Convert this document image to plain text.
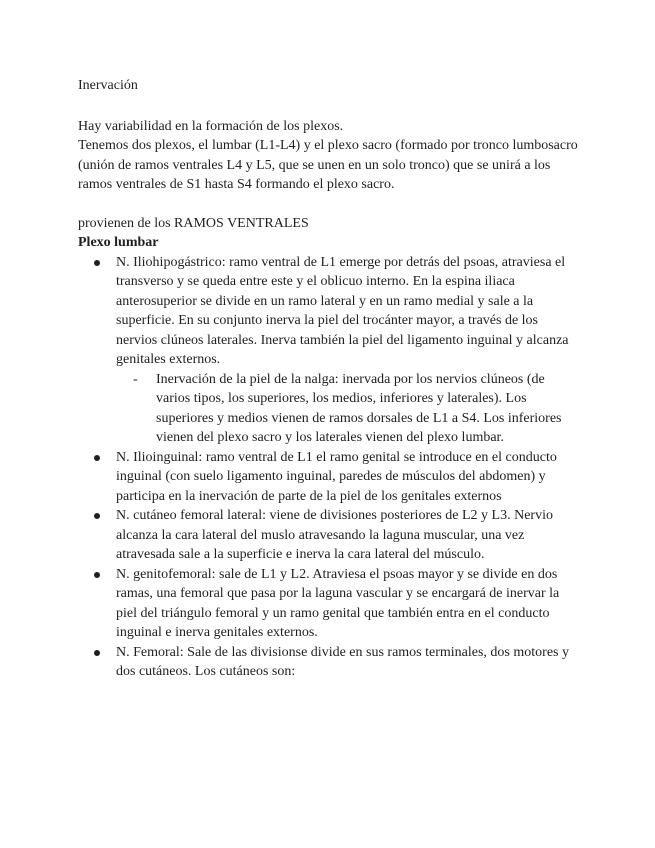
Inervación

Hay variabilidad en la formación de los plexos.

Tenemos dos plexos, el lumbar (L1-L4) y el plexo sacro (formado por tronco lumbosacro (unión de ramos ventrales L4 y L5, que se unen en un solo tronco) que se unirá a los ramos ventrales de S1 hasta S4 formando el plexo sacro.

provienen de los RAMOS VENTRALES

Plexo lumbar

N. Iliohipogástrico: ramo ventral de L1 emerge por detrás del psoas, atraviesa el transverso y se queda entre este y el oblicuo interno. En la espina iliaca anterosuperior se divide en un ramo lateral y en un ramo medial y sale a la superficie. En su conjunto inerva la piel del trocánter mayor, a través de los nervios clúneos laterales. Inerva también la piel del ligamento inguinal y alcanza genitales externos.
- Inervación de la piel de la nalga: inervada por los nervios clúneos (de varios tipos, los superiores, los medios, inferiores y laterales). Los superiores y medios vienen de ramos dorsales de L1 a S4. Los inferiores vienen del plexo sacro y los laterales vienen del plexo lumbar.
N. Ilioinguinal: ramo ventral de L1 el ramo genital se introduce en el conducto inguinal (con suelo ligamento inguinal, paredes de músculos del abdomen) y participa en la inervación de parte de la piel de los genitales externos
N. cutáneo femoral lateral: viene de divisiones posteriores de L2 y L3. Nervio alcanza la cara lateral del muslo atravesando la laguna muscular, una vez atravesada sale a la superficie e inerva la cara lateral del músculo.
N. genitofemoral: sale de L1 y L2. Atraviesa el psoas mayor y se divide en dos ramas, una femoral que pasa por la laguna vascular y se encargará de inervar la piel del triángulo femoral y un ramo genital que también entra en el conducto inguinal e inerva genitales externos.
N. Femoral: Sale de las divisionse divide en sus ramos terminales, dos motores y dos cutáneos. Los cutáneos son:
